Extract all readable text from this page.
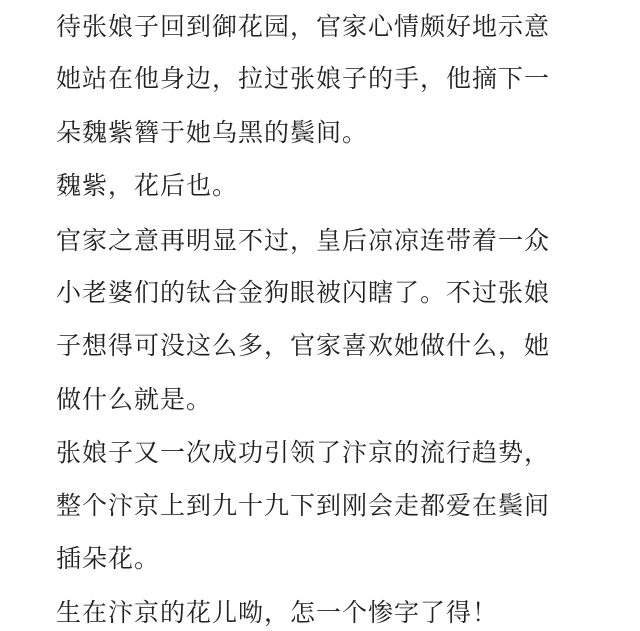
待张娘子回到御花园，官家心情颇好地示意
她站在他身边，拉过张娘子的手，他摘下一
朵魏紫簪于她乌黑的鬓间。
魏紫，花后也。
官家之意再明显不过，皇后凉凉连带着一众
小老婆们的钛合金狗眼被闪瞎了。不过张娘
子想得可没这么多，官家喜欢她做什么，她
做什么就是。
张娘子又一次成功引领了汴京的流行趋势，
整个汴京上到九十九下到刚会走都爱在鬓间
插朵花。
生在汴京的花儿呦，怎一个惨字了得！
